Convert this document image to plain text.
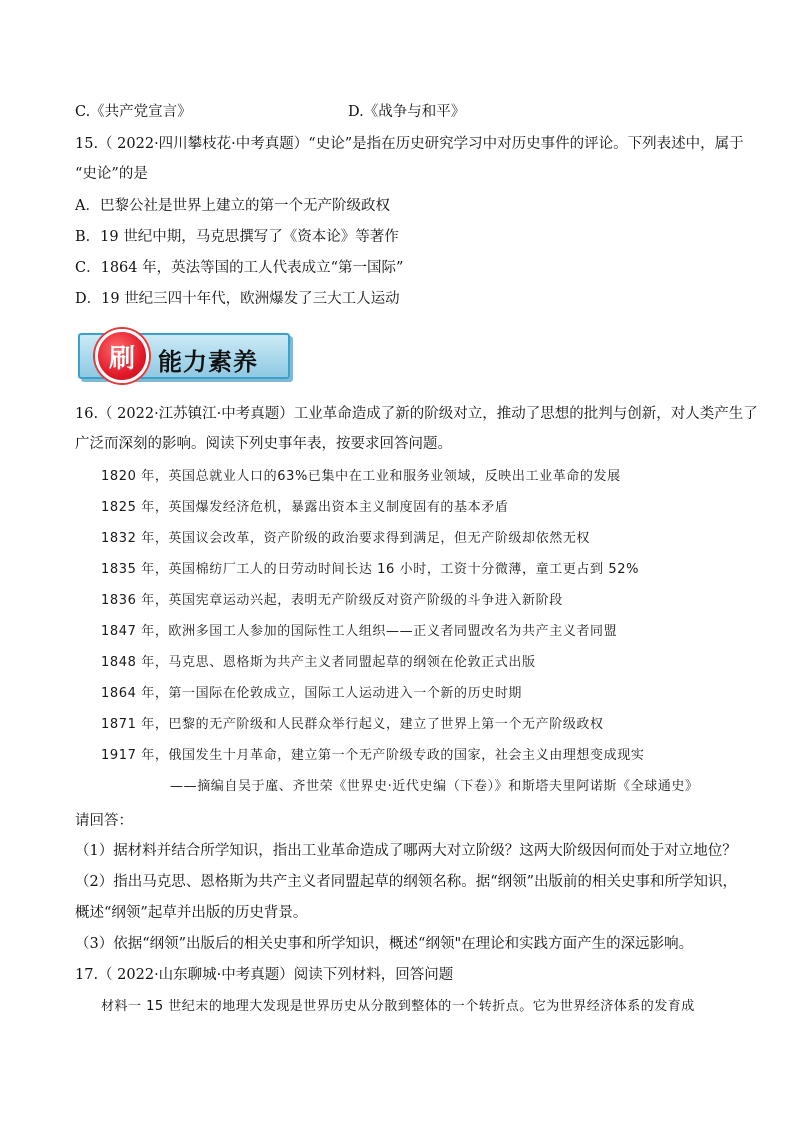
C.《共产党宣言》	D.《战争与和平》
15.（ 2022·四川攀枝花·中考真题）“史论”是指在历史研究学习中对历史事件的评论。下列表述中，属于
“史论”的是
A．巴黎公社是世界上建立的第一个无产阶级政权
B．19 世纪中期，马克思撰写了《资本论》等著作
C．1864 年，英法等国的工人代表成立“第一国际”
D．19 世纪三四十年代，欧洲爆发了三大工人运动
刷 能力素养
16.（ 2022·江苏镇江·中考真题）工业革命造成了新的阶级对立，推动了思想的批判与创新，对人类产生了
广泛而深刻的影响。阅读下列史事年表，按要求回答问题。
1820 年，英国总就业人口的63%已集中在工业和服务业领域，反映出工业革命的发展
1825 年，英国爆发经济危机，暴露出资本主义制度固有的基本矛盾
1832 年，英国议会改革，资产阶级的政治要求得到满足，但无产阶级却依然无权
1835 年，英国棉纺厂工人的日劳动时间长达 16 小时，工资十分微薄，童工更占到 52%
1836 年，英国宪章运动兴起，表明无产阶级反对资产阶级的斗争进入新阶段
1847 年，欧洲多国工人参加的国际性工人组织——正义者同盟改名为共产主义者同盟
1848 年，马克思、恩格斯为共产主义者同盟起草的纲领在伦敦正式出版
1864 年，第一国际在伦敦成立，国际工人运动进入一个新的历史时期
1871 年，巴黎的无产阶级和人民群众举行起义，建立了世界上第一个无产阶级政权
1917 年，俄国发生十月革命，建立第一个无产阶级专政的国家，社会主义由理想变成现实
——摘编自吴于廑、齐世荣《世界史·近代史编（下卷）》和斯塔夫里阿诺斯《全球通史》
请回答：
（1）据材料并结合所学知识，指出工业革命造成了哪两大对立阶级？这两大阶级因何而处于对立地位？
（2）指出马克思、恩格斯为共产主义者同盟起草的纲领名称。据“纲领”出版前的相关史事和所学知识，
概述“纲领”起草并出版的历史背景。
（3）依据“纲领”出版后的相关史事和所学知识，概述“纲领"在理论和实践方面产生的深远影响。
17.（ 2022·山东聊城·中考真题）阅读下列材料，回答问题
材料一 15 世纪末的地理大发现是世界历史从分散到整体的一个转折点。它为世界经济体系的发育成
